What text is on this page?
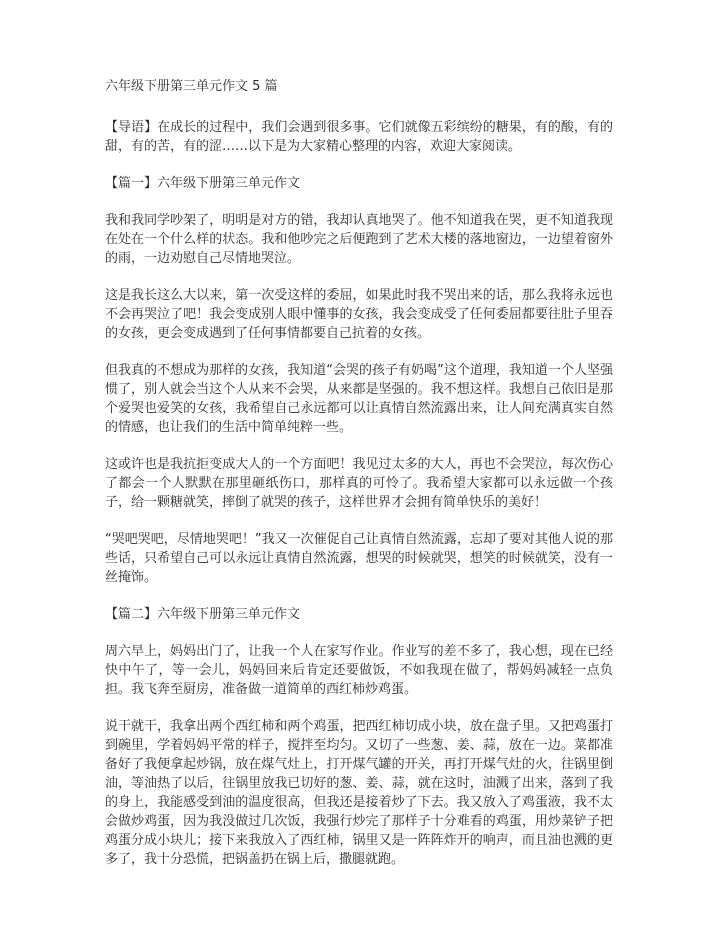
六年级下册第三单元作文 5 篇
【导语】在成长的过程中，我们会遇到很多事。它们就像五彩缤纷的糖果，有的酸，有的甜，有的苦，有的涩……以下是为大家精心整理的内容，欢迎大家阅读。
【篇一】六年级下册第三单元作文
我和我同学吵架了，明明是对方的错，我却认真地哭了。他不知道我在哭，更不知道我现在处在一个什么样的状态。我和他吵完之后便跑到了艺术大楼的落地窗边，一边望着窗外的雨，一边劝慰自己尽情地哭泣。
这是我长这么大以来，第一次受这样的委屈，如果此时我不哭出来的话，那么我将永远也不会再哭泣了吧！我会变成别人眼中懂事的女孩，我会变成受了任何委屈都要往肚子里吞的女孩，更会变成遇到了任何事情都要自己抗着的女孩。
但我真的不想成为那样的女孩，我知道“会哭的孩子有奶喝”这个道理，我知道一个人坚强惯了，别人就会当这个人从来不会哭，从来都是坚强的。我不想这样。我想自己依旧是那个爱哭也爱笑的女孩，我希望自己永远都可以让真情自然流露出来，让人间充满真实自然的情感，也让我们的生活中简单纯粹一些。
这或许也是我抗拒变成大人的一个方面吧！我见过太多的大人，再也不会哭泣，每次伤心了都会一个人默默在那里砸纸伤口，那样真的可怜了。我希望大家都可以永远做一个孩子，给一颗糖就笑，摔倒了就哭的孩子，这样世界才会拥有简单快乐的美好！
“哭吧哭吧，尽情地哭吧！”我又一次催促自己让真情自然流露，忘却了要对其他人说的那些话，只希望自己可以永远让真情自然流露，想哭的时候就哭，想笑的时候就笑，没有一丝掩饰。
【篇二】六年级下册第三单元作文
周六早上，妈妈出门了，让我一个人在家写作业。作业写的差不多了，我心想，现在已经快中午了，等一会儿，妈妈回来后肯定还要做饭，不如我现在做了，帮妈妈减轻一点负担。我飞奔至厨房，准备做一道简单的西红柿炒鸡蛋。
说干就干，我拿出两个西红柿和两个鸡蛋，把西红柿切成小块，放在盘子里。又把鸡蛋打到碗里，学着妈妈平常的样子，搅拌至均匀。又切了一些葱、姜、蒜，放在一边。菜都准备好了我便拿起炒锅，放在煤气灶上，打开煤气罐的开关，再打开煤气灶的火，往锅里倒油，等油热了以后，往锅里放我已切好的葱、姜、蒜，就在这时，油溅了出来，落到了我的身上，我能感受到油的温度很高，但我还是接着炒了下去。我又放入了鸡蛋液，我不太会做炒鸡蛋，因为我没做过几次饭，我强行炒完了那样子十分难看的鸡蛋，用炒菜铲子把鸡蛋分成小块儿；接下来我放入了西红柿，锅里又是一阵阵炸开的响声，而且油也溅的更多了，我十分恐慌，把锅盖扔在锅上后，撒腿就跑。
